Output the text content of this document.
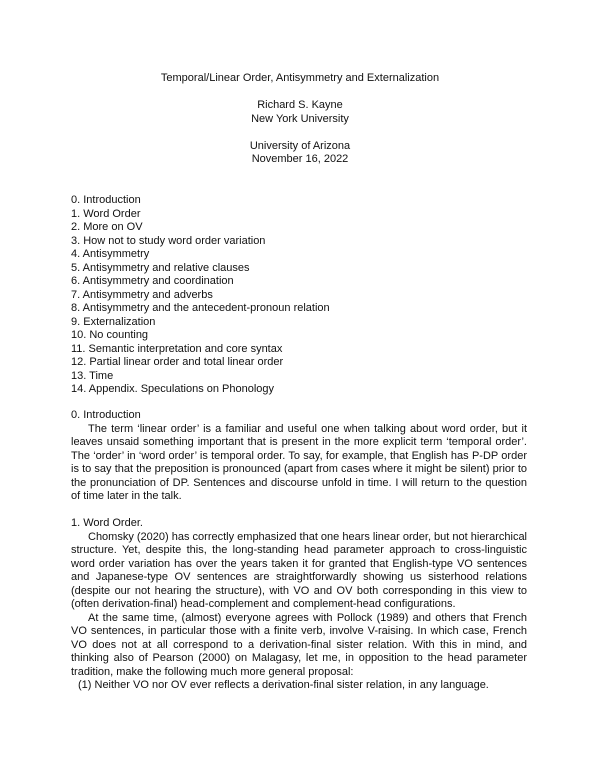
Temporal/Linear Order, Antisymmetry and Externalization
Richard S. Kayne
New York University
University of Arizona
November 16, 2022
0. Introduction
1. Word Order
2. More on OV
3. How not to study word order variation
4. Antisymmetry
5. Antisymmetry and relative clauses
6. Antisymmetry and coordination
7. Antisymmetry and adverbs
8. Antisymmetry and the antecedent-pronoun relation
9. Externalization
10. No counting
11. Semantic interpretation and core syntax
12. Partial linear order and total linear order
13. Time
14. Appendix. Speculations on Phonology
0. Introduction

The term ‘linear order’ is a familiar and useful one when talking about word order, but it leaves unsaid something important that is present in the more explicit term ‘temporal order’. The ‘order’ in ‘word order’ is temporal order. To say, for example, that English has P-DP order is to say that the preposition is pronounced (apart from cases where it might be silent) prior to the pronunciation of DP. Sentences and discourse unfold in time. I will return to the question of time later in the talk.

1. Word Order.

Chomsky (2020) has correctly emphasized that one hears linear order, but not hierarchical structure. Yet, despite this, the long-standing head parameter approach to cross-linguistic word order variation has over the years taken it for granted that English-type VO sentences and Japanese-type OV sentences are straightforwardly showing us sisterhood relations (despite our not hearing the structure), with VO and OV both corresponding in this view to (often derivation-final) head-complement and complement-head configurations.

At the same time, (almost) everyone agrees with Pollock (1989) and others that French VO sentences, in particular those with a finite verb, involve V-raising. In which case, French VO does not at all correspond to a derivation-final sister relation. With this in mind, and thinking also of Pearson (2000) on Malagasy, let me, in opposition to the head parameter tradition, make the following much more general proposal:

(1) Neither VO nor OV ever reflects a derivation-final sister relation, in any language.
